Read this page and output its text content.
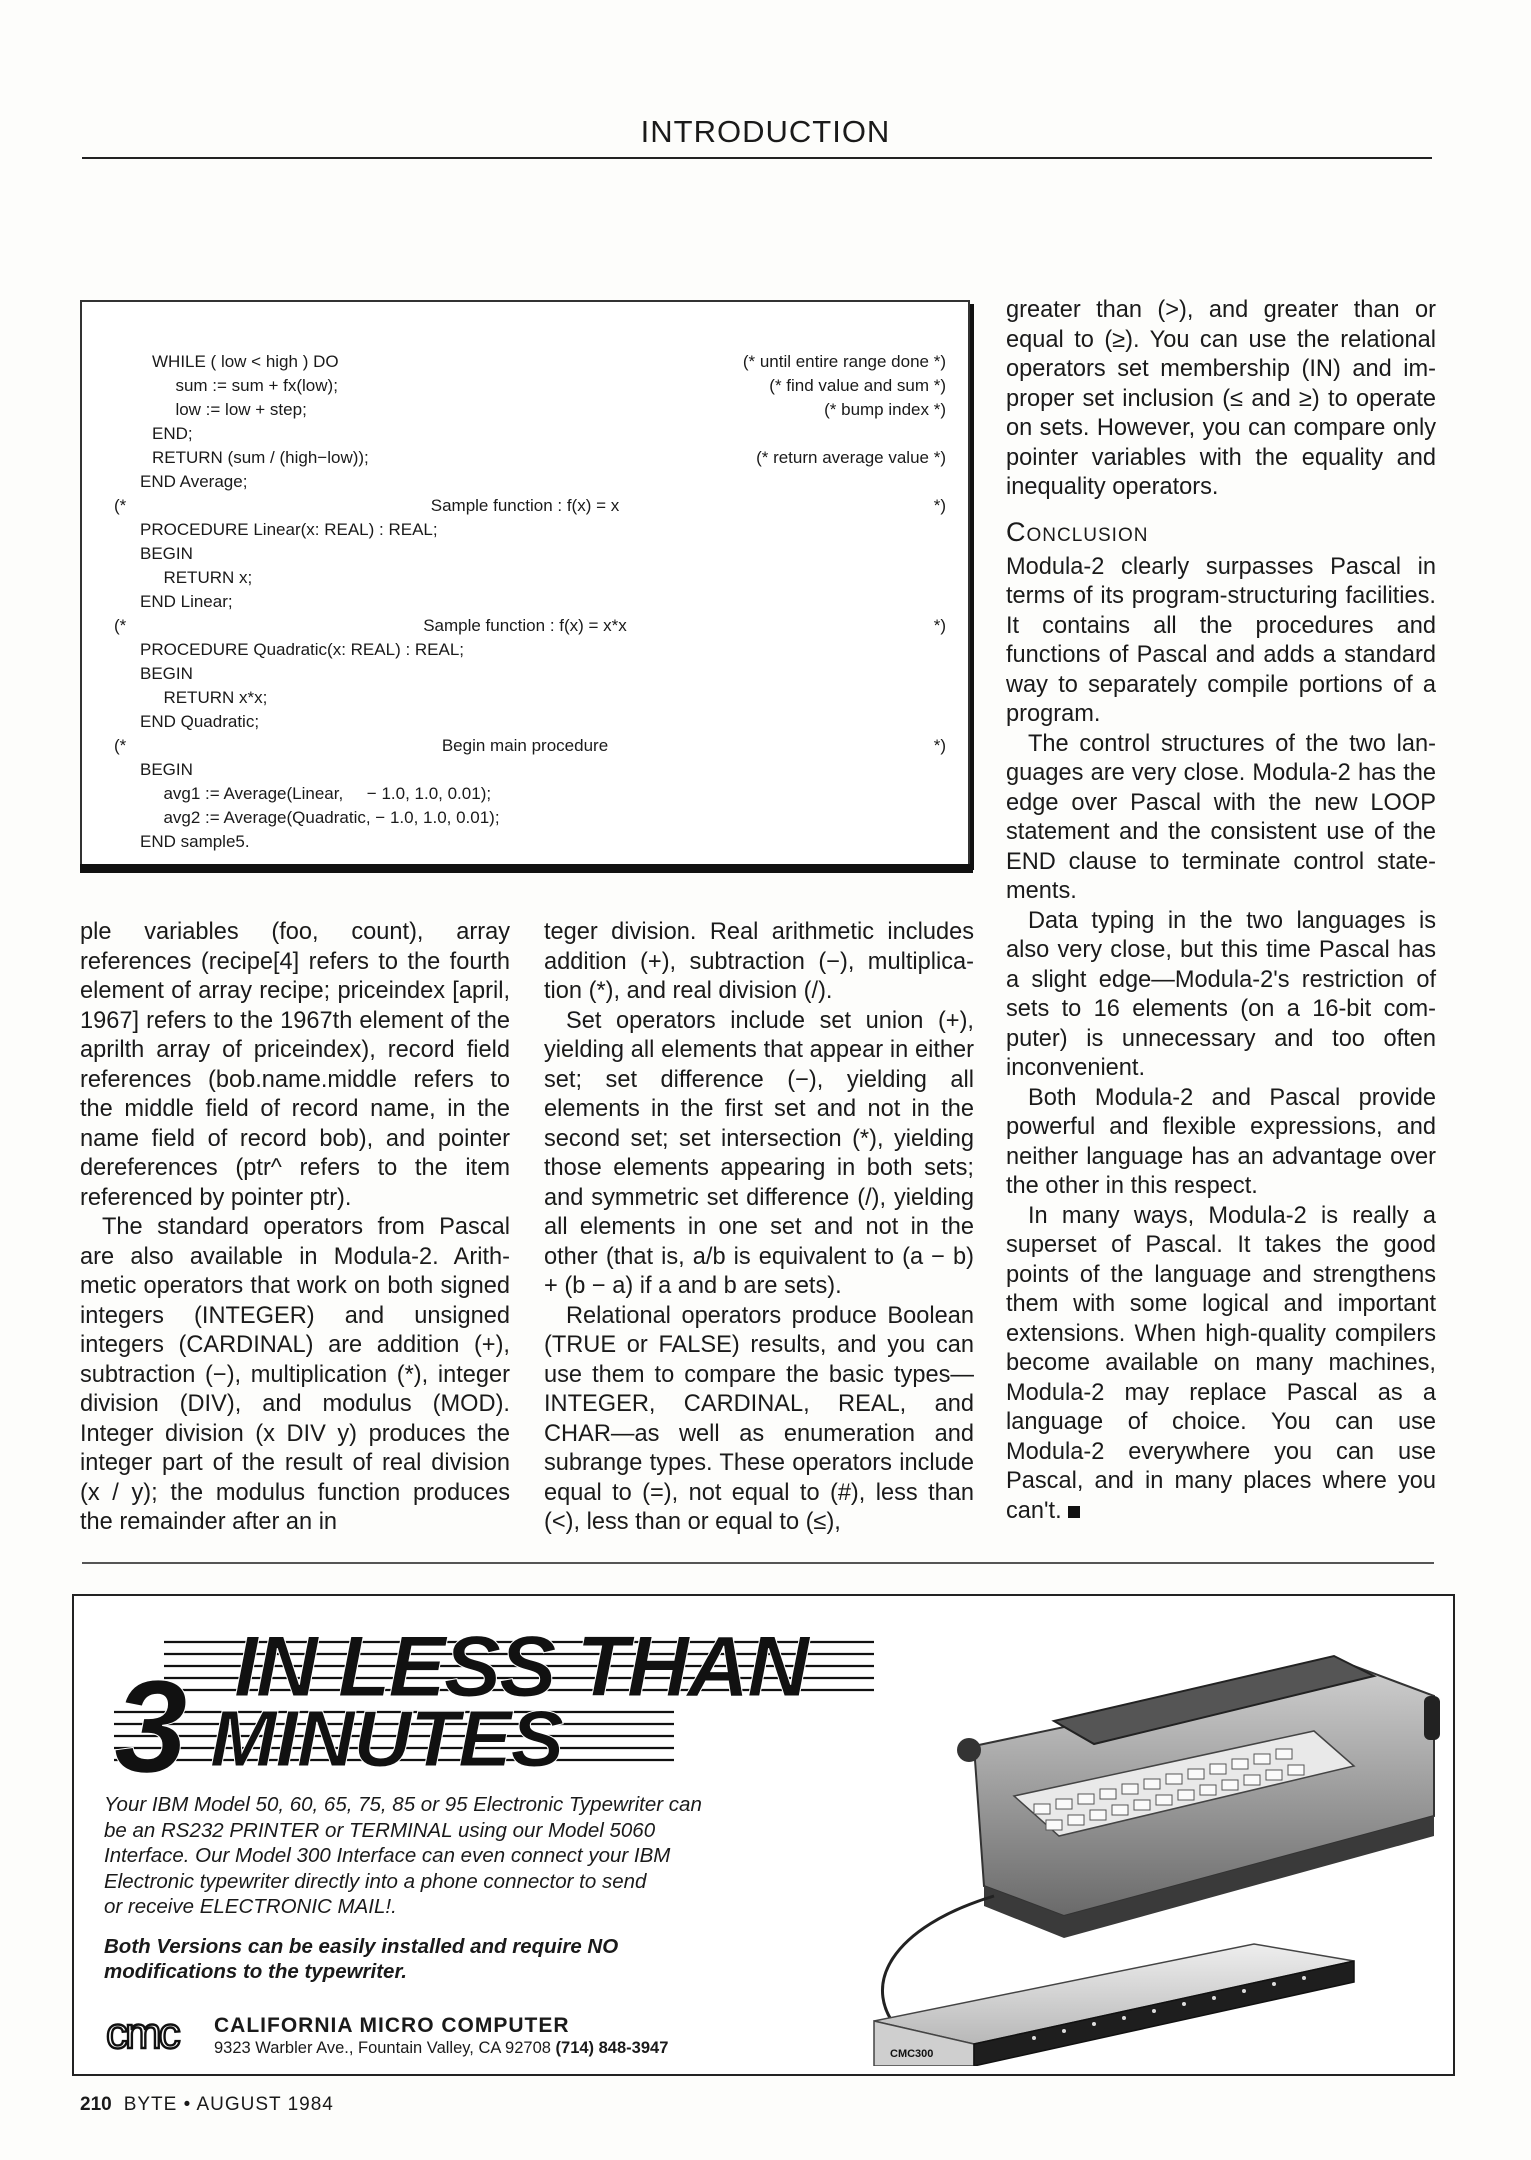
INTRODUCTION
WHILE ( low < high ) DO	(* until entire range done *)
sum := sum + fx(low);	(* find value and sum *)
low := low + step;	(* bump index *)
END;
RETURN (sum / (high−low));	(* return average value *)
END Average;
(*	Sample function : f(x) = x	*)
PROCEDURE Linear(x: REAL) : REAL;
BEGIN
RETURN x;
END Linear;
(*	Sample function : f(x) = x*x	*)
PROCEDURE Quadratic(x: REAL) : REAL;
BEGIN
RETURN x*x;
END Quadratic;
(*	Begin main procedure	*)
BEGIN
avg1 := Average(Linear,     − 1.0, 1.0, 0.01);
avg2 := Average(Quadratic, − 1.0, 1.0, 0.01);
END sample5.

ple variables (foo, count), array references (recipe[4] refers to the fourth element of array recipe; priceindex [april, 1967] refers to the 1967th element of the april​th array of priceindex), record field references (bob.name.middle refers to the middle field of record name, in the name field of record bob), and pointer dereferences (ptr^ refers to the item referenced by pointer ptr).

The standard operators from Pascal are also available in Modula-2. Arithmetic operators that work on both signed integers (INTEGER) and unsigned integers (CARDINAL) are addition (+), subtraction (−), multiplication (*), integer division (DIV), and modulus (MOD). Integer division (x DIV y) produces the integer part of the result of real division (x / y); the modulus function produces the remainder after an in

teger division. Real arithmetic includes addition (+), subtraction (−), multiplication (*), and real division (/).

Set operators include set union (+), yielding all elements that appear in either set; set difference (−), yielding all elements in the first set and not in the second set; set intersection (*), yielding those elements appearing in both sets; and symmetric set difference (/), yielding all elements in one set and not in the other (that is, a/b is equivalent to (a − b) + (b − a) if a and b are sets).

Relational operators produce Boolean (TRUE or FALSE) results, and you can use them to compare the basic types—INTEGER, CARDINAL, REAL, and CHAR—as well as enumeration and subrange types. These operators include equal to (=), not equal to (#), less than (<), less than or equal to (≤),

greater than (>), and greater than or equal to (≥). You can use the relational operators set membership (IN) and improper set inclusion (≤ and ≥) to operate on sets. However, you can compare only pointer variables with the equality and inequality operators.

Conclusion

Modula-2 clearly surpasses Pascal in terms of its program-structuring facilities. It contains all the procedures and functions of Pascal and adds a standard way to separately compile portions of a program.

The control structures of the two languages are very close. Modula-2 has the edge over Pascal with the new LOOP statement and the consistent use of the END clause to terminate control statements.

Data typing in the two languages is also very close, but this time Pascal has a slight edge—Modula-2's restriction of sets to 16 elements (on a 16-bit computer) is unnecessary and too often inconvenient.

Both Modula-2 and Pascal provide powerful and flexible expressions, and neither language has an advantage over the other in this respect.

In many ways, Modula-2 is really a superset of Pascal. It takes the good points of the language and strengthens them with some logical and important extensions. When high-quality compilers become available on many machines, Modula-2 may replace Pascal as a language of choice. You can use Modula-2 everywhere you can use Pascal, and in many places where you can't.

IN LESS THAN
3 MINUTES

Your IBM Model 50, 60, 65, 75, 85 or 95 Electronic Typewriter can
be an RS232 PRINTER or TERMINAL using our Model 5060
Interface. Our Model 300 Interface can even connect your IBM
Electronic typewriter directly into a phone connector to send
or receive ELECTRONIC MAIL!.

Both Versions can be easily installed and require NO
modifications to the typewriter.

cmc CALIFORNIA MICRO COMPUTER
9323 Warbler Ave., Fountain Valley, CA 92708 (714) 848-3947	CMC300
210 BYTE • AUGUST 1984
